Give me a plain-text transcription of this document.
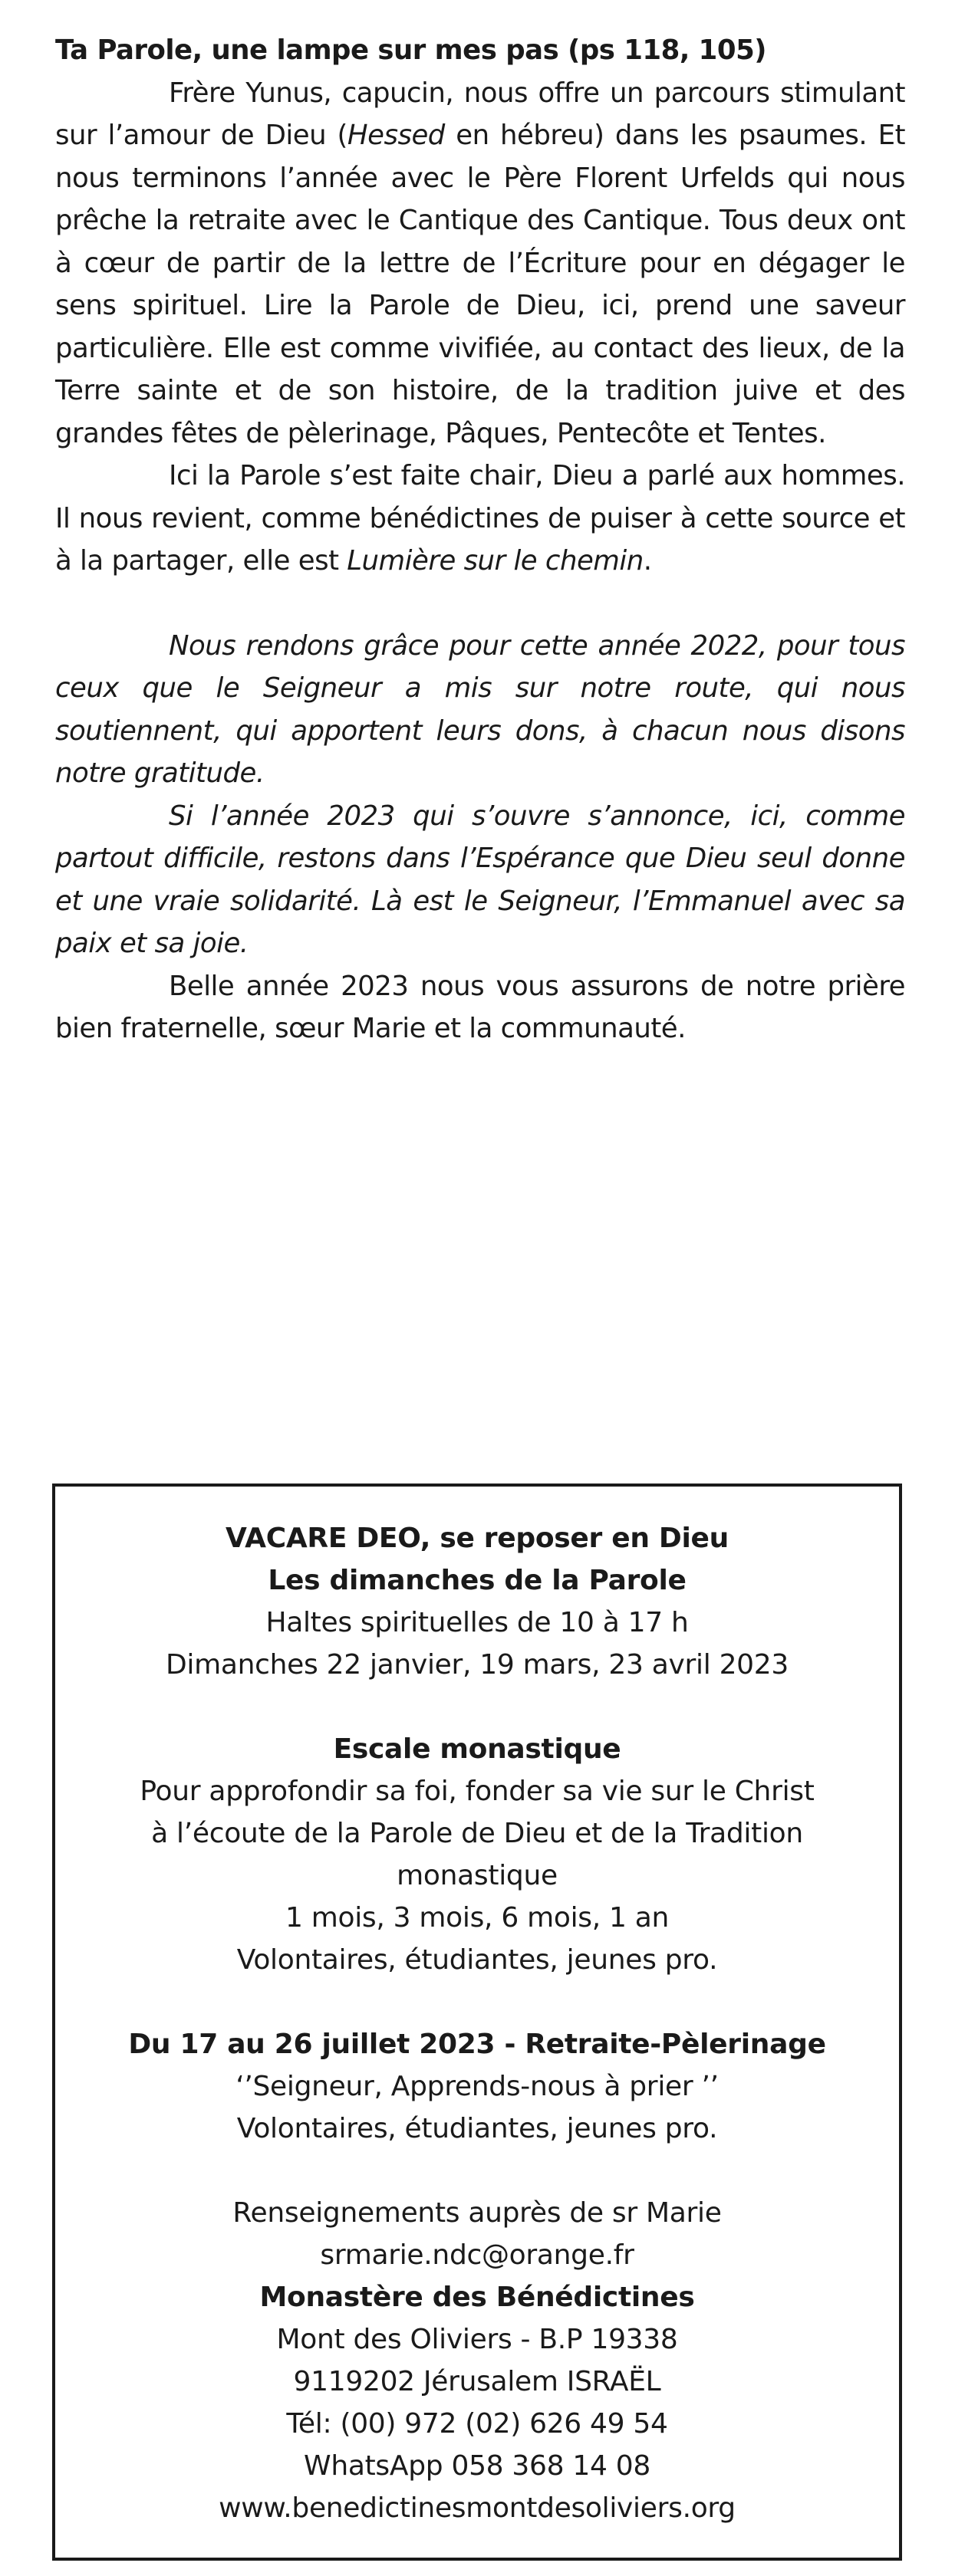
Ta Parole, une lampe sur mes pas (ps 118, 105)

Frère Yunus, capucin, nous offre un parcours stimulant sur l’amour de Dieu (Hessed en hébreu) dans les psaumes. Et nous terminons l’année avec le Père Florent Urfelds qui nous prêche la retraite avec le Cantique des Cantique. Tous deux ont à cœur de partir de la lettre de l’Écriture pour en dégager le sens spirituel. Lire la Parole de Dieu, ici, prend une saveur particulière. Elle est comme vivifiée, au contact des lieux, de la Terre sainte et de son histoire, de la tradition juive et des grandes fêtes de pèlerinage, Pâques, Pentecôte et Tentes.

Ici la Parole s’est faite chair, Dieu a parlé aux hommes. Il nous revient, comme bénédictines de puiser à cette source et à la partager, elle est Lumière sur le chemin.

Nous rendons grâce pour cette année 2022, pour tous ceux que le Seigneur a mis sur notre route, qui nous soutiennent, qui apportent leurs dons, à chacun nous disons notre gratitude.

Si l’année 2023 qui s’ouvre s’annonce, ici, comme partout difficile, restons dans l’Espérance que Dieu seul donne et une vraie solidarité. Là est le Seigneur, l’Emmanuel avec sa paix et sa joie.

Belle année 2023 nous vous assurons de notre prière bien fraternelle, sœur Marie et la communauté.

VACARE DEO, se reposer en Dieu
Les dimanches de la Parole
Haltes spirituelles de 10 à 17 h
Dimanches 22 janvier, 19 mars, 23 avril 2023
Escale monastique
Pour approfondir sa foi, fonder sa vie sur le Christ
à l’écoute de la Parole de Dieu et de la Tradition
monastique
1 mois, 3 mois, 6 mois, 1 an
Volontaires, étudiantes, jeunes pro.
Du 17 au 26 juillet 2023 - Retraite-Pèlerinage
‘’Seigneur, Apprends-nous à prier ’’
Volontaires, étudiantes, jeunes pro.
Renseignements auprès de sr Marie
srmarie.ndc@orange.fr
Monastère des Bénédictines
Mont des Oliviers - B.P 19338
9119202 Jérusalem ISRAËL
Tél: (00) 972 (02) 626 49 54
WhatsApp 058 368 14 08
www.benedictinesmontdesoliviers.org
